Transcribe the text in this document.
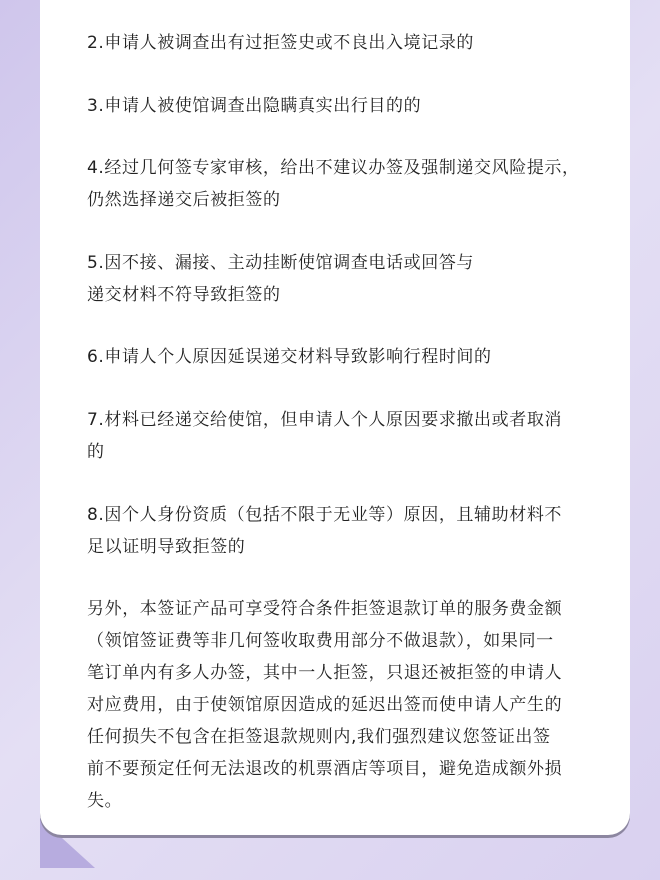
2.申请人被调查出有过拒签史或不良出入境记录的
3.申请人被使馆调查出隐瞒真实出行目的的
4.经过几何签专家审核，给出不建议办签及强制递交风险提示，
仍然选择递交后被拒签的
5.因不接、漏接、主动挂断使馆调查电话或回答与
递交材料不符导致拒签的
6.申请人个人原因延误递交材料导致影响行程时间的
7.材料已经递交给使馆，但申请人个人原因要求撤出或者取消
的
8.因个人身份资质（包括不限于无业等）原因，且辅助材料不
足以证明导致拒签的
另外，本签证产品可享受符合条件拒签退款订单的服务费金额
（领馆签证费等非几何签收取费用部分不做退款），如果同一
笔订单内有多人办签，其中一人拒签，只退还被拒签的申请人
对应费用，由于使领馆原因造成的延迟出签而使申请人产生的
任何损失不包含在拒签退款规则内,我们强烈建议您签证出签
前不要预定任何无法退改的机票酒店等项目，避免造成额外损
失。
